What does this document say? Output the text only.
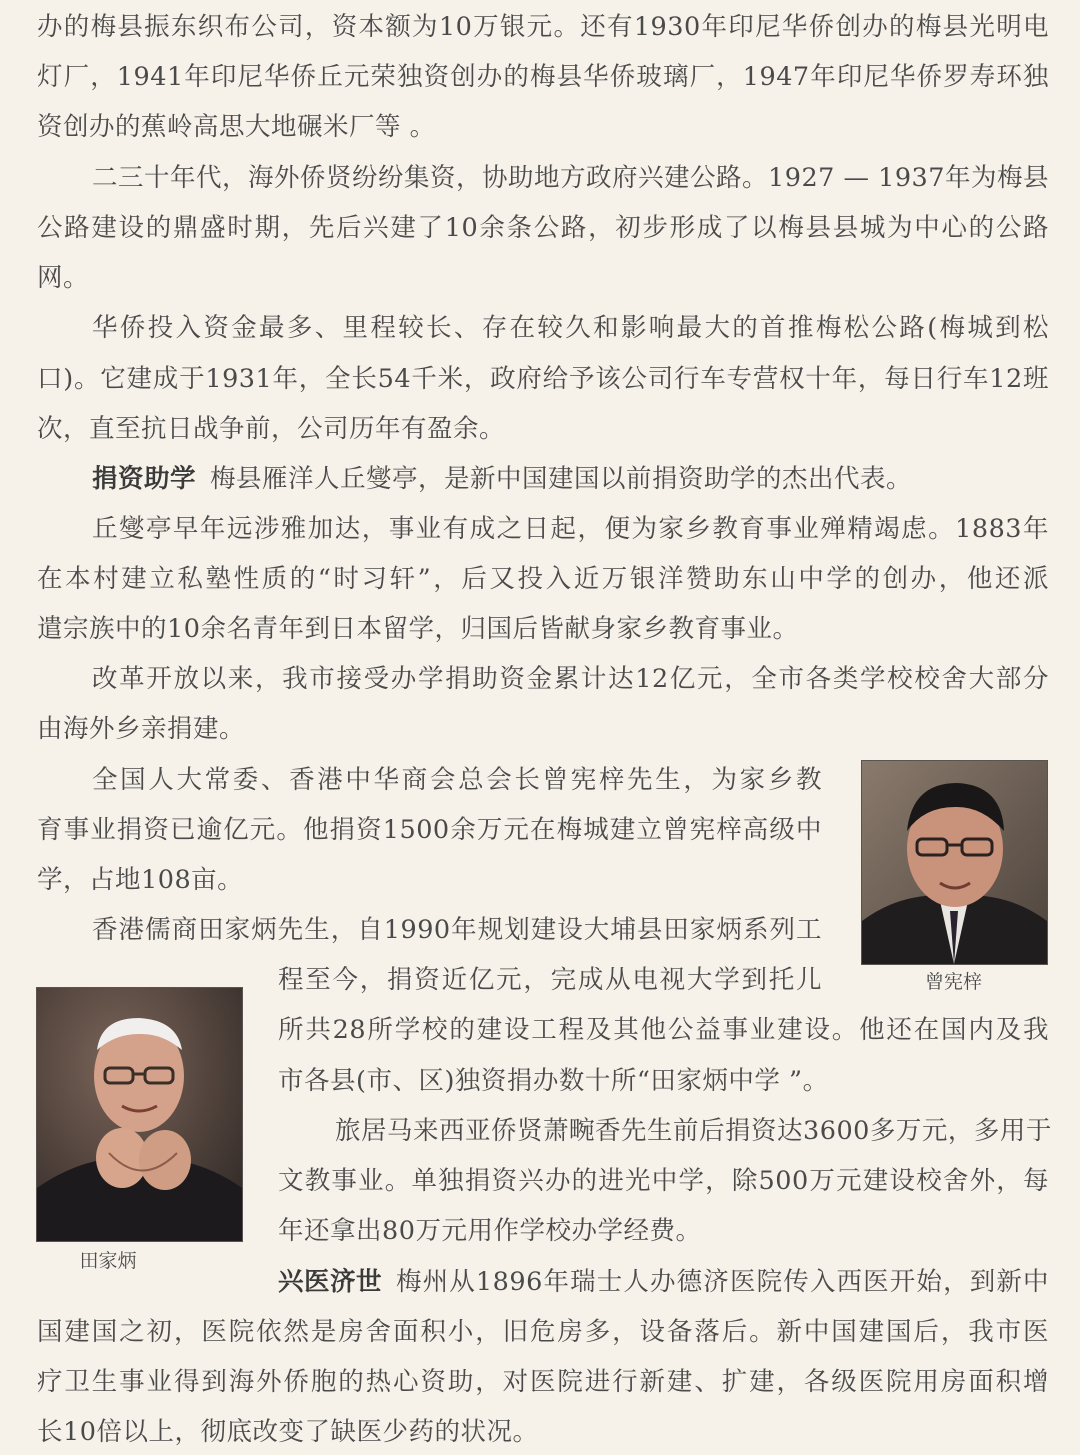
办的梅县振东织布公司，资本额为10万银元。还有1930年印尼华侨创办的梅县光明电
灯厂，1941年印尼华侨丘元荣独资创办的梅县华侨玻璃厂，1947年印尼华侨罗寿环独
资创办的蕉岭高思大地碾米厂等 。
二三十年代，海外侨贤纷纷集资，协助地方政府兴建公路。1927 — 1937年为梅县
公路建设的鼎盛时期，先后兴建了10余条公路，初步形成了以梅县县城为中心的公路
网。
华侨投入资金最多、里程较长、存在较久和影响最大的首推梅松公路(梅城到松
口)。它建成于1931年，全长54千米，政府给予该公司行车专营权十年，每日行车12班
次，直至抗日战争前，公司历年有盈余。
捐资助学 梅县雁洋人丘燮亭，是新中国建国以前捐资助学的杰出代表。
丘燮亭早年远涉雅加达，事业有成之日起，便为家乡教育事业殚精竭虑。1883年
在本村建立私塾性质的“时习轩”，后又投入近万银洋赞助东山中学的创办，他还派
遣宗族中的10余名青年到日本留学，归国后皆献身家乡教育事业。
改革开放以来，我市接受办学捐助资金累计达12亿元，全市各类学校校舍大部分
由海外乡亲捐建。
全国人大常委、香港中华商会总会长曾宪梓先生，为家乡教
育事业捐资已逾亿元。他捐资1500余万元在梅城建立曾宪梓高级中
学，占地108亩。
曾宪梓
香港儒商田家炳先生，自1990年规划建设大埔县田家炳系列工
程至今，捐资近亿元，完成从电视大学到托儿
所共28所学校的建设工程及其他公益事业建设。他还在国内及我
市各县(市、区)独资捐办数十所“田家炳中学 ”。
田家炳
旅居马来西亚侨贤萧畹香先生前后捐资达3600多万元，多用于
文教事业。单独捐资兴办的进光中学，除500万元建设校舍外，每
年还拿出80万元用作学校办学经费。
兴医济世 梅州从1896年瑞士人办德济医院传入西医开始，到新中
国建国之初，医院依然是房舍面积小，旧危房多，设备落后。新中国建国后，我市医
疗卫生事业得到海外侨胞的热心资助，对医院进行新建、扩建，各级医院用房面积增
长10倍以上，彻底改变了缺医少药的状况。
